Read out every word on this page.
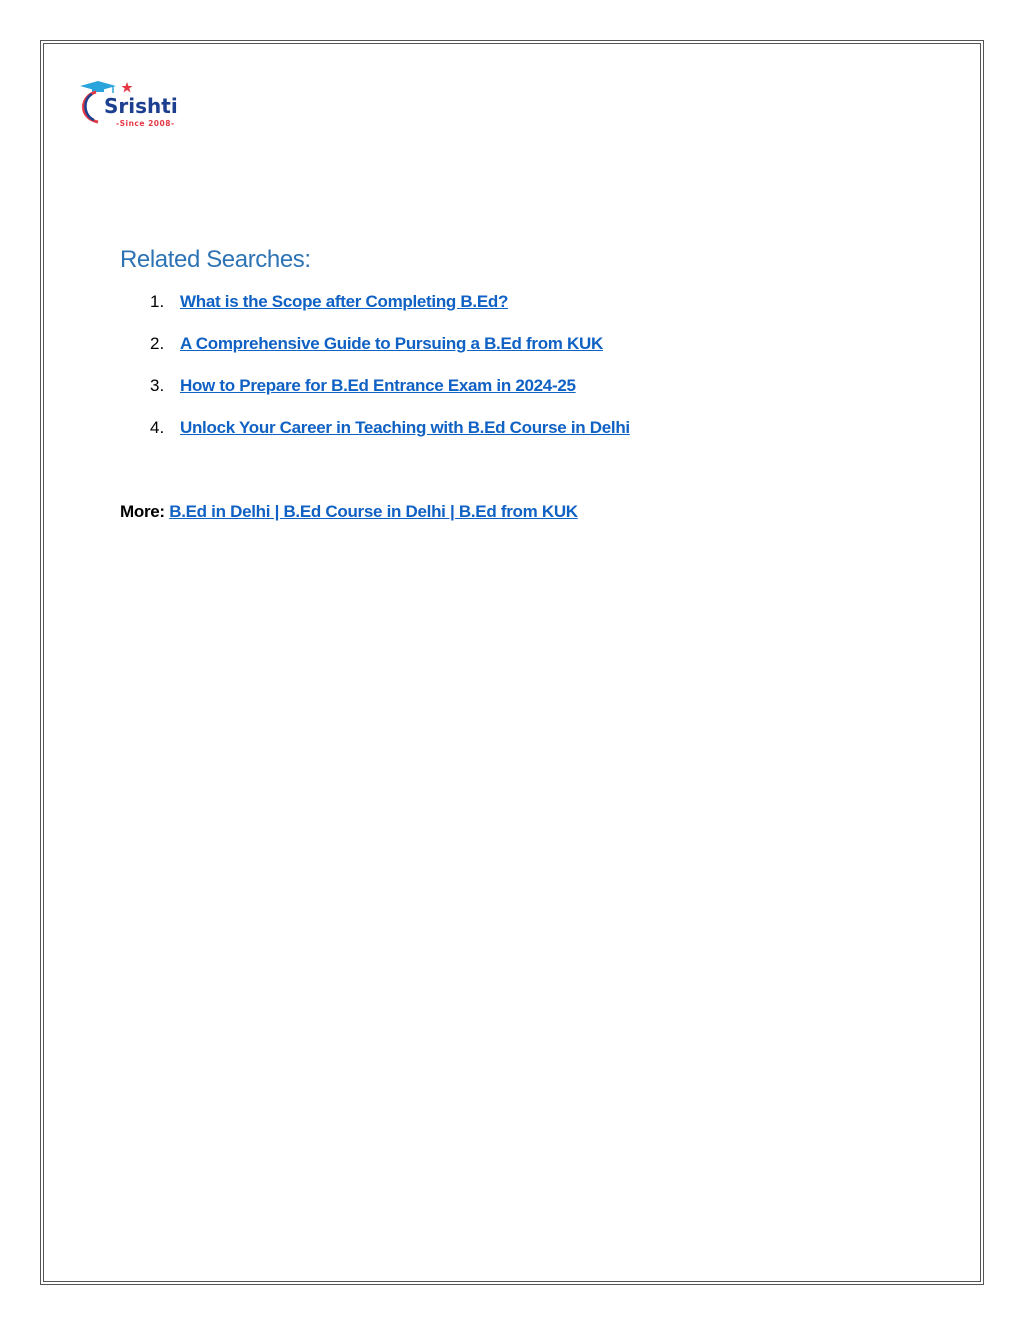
Srishti
-Since 2008-
Related Searches:
1. What is the Scope after Completing B.Ed?
2. A Comprehensive Guide to Pursuing a B.Ed from KUK
3. How to Prepare for B.Ed Entrance Exam in 2024-25
4. Unlock Your Career in Teaching with B.Ed Course in Delhi
More: B.Ed in Delhi | B.Ed Course in Delhi | B.Ed from KUK
